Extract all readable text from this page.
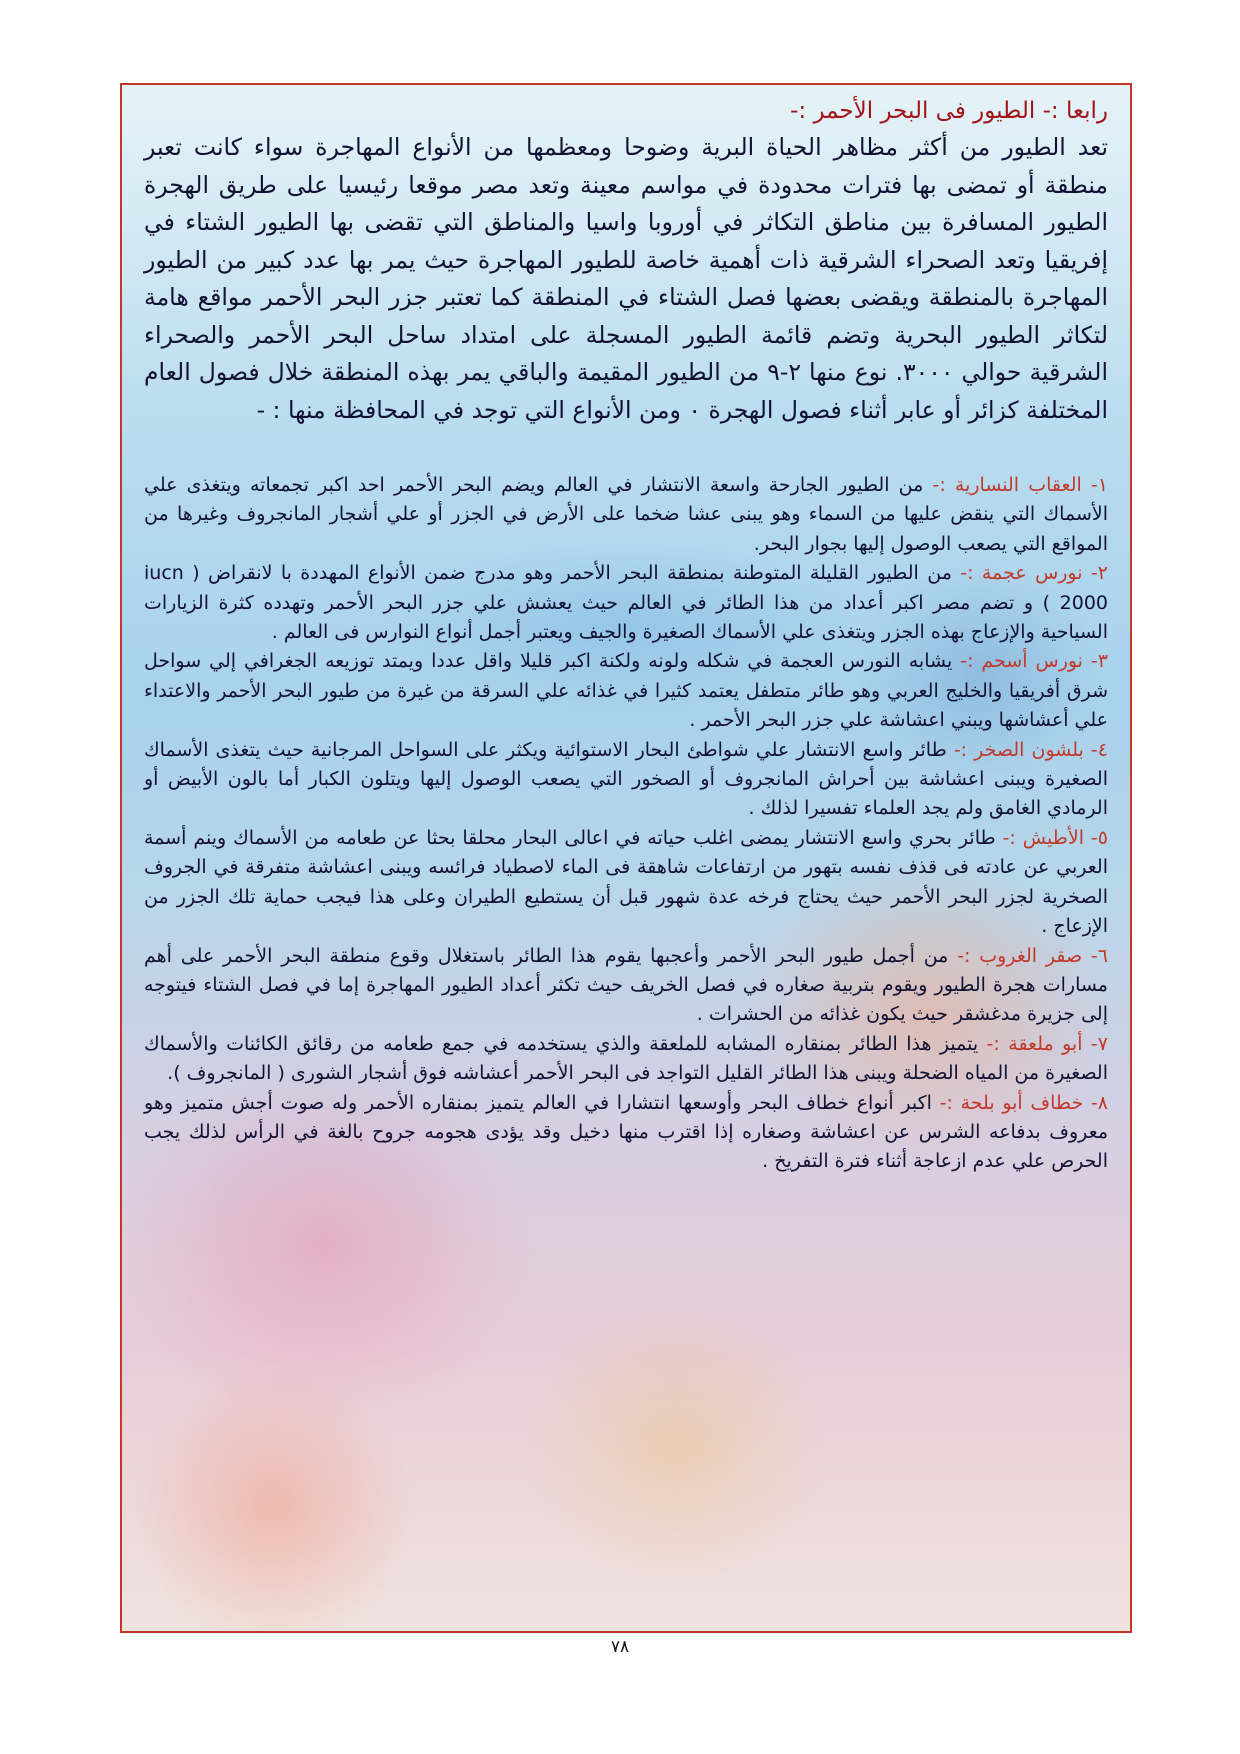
رابعا :- الطيور فى البحر الأحمر :-

تعد الطيور من أكثر مظاهر الحياة البرية وضوحا ومعظمها من الأنواع المهاجرة سواء كانت تعبر منطقة أو تمضى بها فترات محدودة في مواسم معينة وتعد مصر موقعا رئيسيا على طريق الهجرة الطيور المسافرة بين مناطق التكاثر في أوروبا واسيا والمناطق التي تقضى بها الطيور الشتاء في إفريقيا وتعد الصحراء الشرقية ذات أهمية خاصة للطيور المهاجرة حيث يمر بها عدد كبير من الطيور المهاجرة بالمنطقة ويقضى بعضها فصل الشتاء في المنطقة كما تعتبر جزر البحر الأحمر مواقع هامة لتكاثر الطيور البحرية وتضم قائمة الطيور المسجلة على امتداد ساحل البحر الأحمر والصحراء الشرقية حوالي ٣٠٠٠. نوع منها ٢-٩ من الطيور المقيمة والباقي يمر بهذه المنطقة خلال فصول العام المختلفة كزائر أو عابر أثناء فصول الهجرة ٠ ومن الأنواع التي توجد في المحافظة منها : -

١- العقاب النسارية :- من الطيور الجارحة واسعة الانتشار في العالم ويضم البحر الأحمر احد اكبر تجمعاته ويتغذى علي الأسماك التي ينقض عليها من السماء وهو يبنى عشا ضخما على الأرض في الجزر أو علي أشجار المانجروف وغيرها من المواقع التي يصعب الوصول إليها بجوار البحر.

٢- نورس عجمة :- من الطيور القليلة المتوطنة بمنطقة البحر الأحمر وهو مدرج ضمن الأنواع المهددة با لانقراض ( iucn 2000 ) و تضم مصر اكبر أعداد من هذا الطائر في العالم حيث يعشش علي جزر البحر الأحمر وتهدده كثرة الزيارات السياحية والإزعاج بهذه الجزر ويتغذى علي الأسماك الصغيرة والجيف ويعتبر أجمل أنواع النوارس فى العالم .

٣- نورس أسحم :- يشابه النورس العجمة في شكله ولونه ولكنة اكبر قليلا واقل عددا ويمتد توزيعه الجغرافي إلي سواحل شرق أفريقيا والخليج العربي وهو طائر متطفل يعتمد كثيرا في غذائه علي السرقة من غيرة من طيور البحر الأحمر والاعتداء علي أعشاشها ويبني اعشاشة علي جزر البحر الأحمر .

٤- بلشون الصخر :- طائر واسع الانتشار علي شواطئ البحار الاستوائية ويكثر على السواحل المرجانية حيث يتغذى الأسماك الصغيرة ويبنى اعشاشة بين أحراش المانجروف أو الصخور التي يصعب الوصول إليها ويتلون الكبار أما بالون الأبيض أو الرمادي الغامق ولم يجد العلماء تفسيرا لذلك .

٥- الأطيش :- طائر بحري واسع الانتشار يمضى اغلب حياته في اعالى البحار محلقا بحثا عن طعامه من الأسماك وينم أسمة العربي عن عادته فى قذف نفسه بتهور من ارتفاعات شاهقة فى الماء لاصطياد فرائسه ويبنى اعشاشة متفرقة في الجروف الصخرية لجزر البحر الأحمر حيث يحتاج فرخه عدة شهور قبل أن يستطيع الطيران وعلى هذا فيجب حماية تلك الجزر من الإزعاج .

٦- صقر الغروب :- من أجمل طيور البحر الأحمر وأعجبها يقوم هذا الطائر باستغلال وقوع منطقة البحر الأحمر على أهم مسارات هجرة الطيور ويقوم بتربية صغاره في فصل الخريف حيث تكثر أعداد الطيور المهاجرة إما في فصل الشتاء فيتوجه إلى جزيرة مدغشقر حيث يكون غذائه من الحشرات .

٧- أبو ملعقة :- يتميز هذا الطائر بمنقاره المشابه للملعقة والذي يستخدمه في جمع طعامه من رقائق الكائنات والأسماك الصغيرة من المياه الضحلة ويبنى هذا الطائر القليل التواجد فى البحر الأحمر أعشاشه فوق أشجار الشورى ( المانجروف ).

٨- خطاف أبو بلحة :- اكبر أنواع خطاف البحر وأوسعها انتشارا في العالم يتميز بمنقاره الأحمر وله صوت أجش متميز وهو معروف بدفاعه الشرس عن اعشاشة وصغاره إذا اقترب منها دخيل وقد يؤدى هجومه جروح بالغة في الرأس لذلك يجب الحرص علي عدم ازعاجة أثناء فترة التفريخ .

٧٨
